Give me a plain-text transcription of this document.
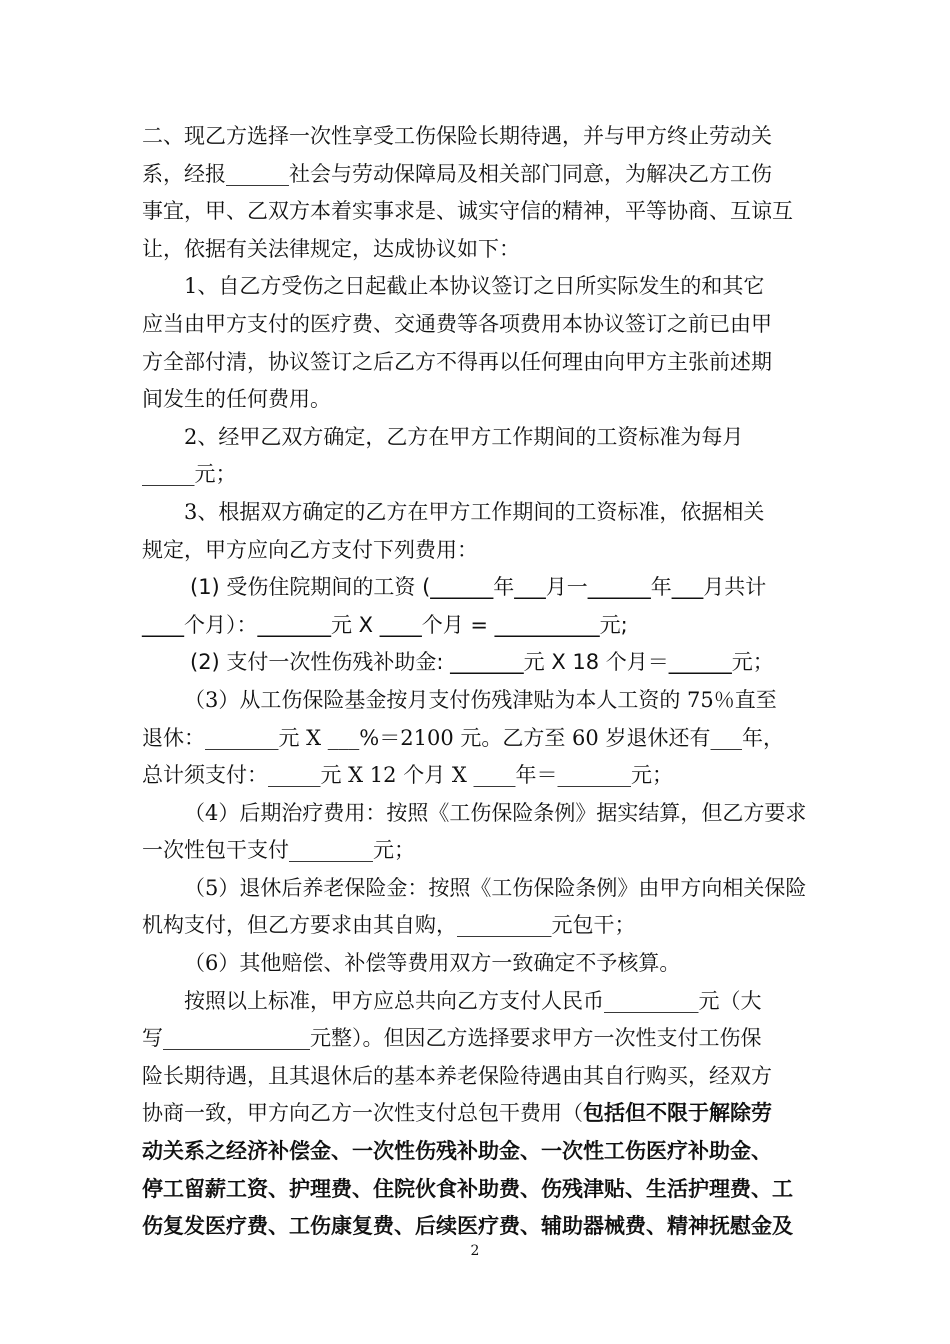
二、现乙方选择一次性享受工伤保险长期待遇，并与甲方终止劳动关
系，经报______社会与劳动保障局及相关部门同意，为解决乙方工伤
事宜，甲、乙双方本着实事求是、诚实守信的精神，平等协商、互谅互
让，依据有关法律规定，达成协议如下：
1、自乙方受伤之日起截止本协议签订之日所实际发生的和其它
应当由甲方支付的医疗费、交通费等各项费用本协议签订之前已由甲
方全部付清，协议签订之后乙方不得再以任何理由向甲方主张前述期
间发生的任何费用。
2、经甲乙双方确定，乙方在甲方工作期间的工资标准为每月
_____元；
3、根据双方确定的乙方在甲方工作期间的工资标准，依据相关
规定，甲方应向乙方支付下列费用：
(1) 受伤住院期间的工资 (______年___月一______年___月共计
____个月）：_______元 X ____个月 = __________元;
(2) 支付一次性伤残补助金: _______元 X 18 个月＝______元；
（3）从工伤保险基金按月支付伤残津贴为本人工资的 75％直至
退休：_______元 X ___%＝2100 元。乙方至 60 岁退休还有___年，
总计须支付：_____元 X 12 个月 X ____年＝_______元；
（4）后期治疗费用：按照《工伤保险条例》据实结算，但乙方要求
一次性包干支付________元；
（5）退休后养老保险金：按照《工伤保险条例》由甲方向相关保险
机构支付，但乙方要求由其自购，_________元包干；
（6）其他赔偿、补偿等费用双方一致确定不予核算。
按照以上标准，甲方应总共向乙方支付人民币_________元（大
写______________元整）。但因乙方选择要求甲方一次性支付工伤保
险长期待遇，且其退休后的基本养老保险待遇由其自行购买，经双方
协商一致，甲方向乙方一次性支付总包干费用（包括但不限于解除劳
动关系之经济补偿金、一次性伤残补助金、一次性工伤医疗补助金、
停工留薪工资、护理费、住院伙食补助费、伤残津贴、生活护理费、工
伤复发医疗费、工伤康复费、后续医疗费、辅助器械费、精神抚慰金及
2
